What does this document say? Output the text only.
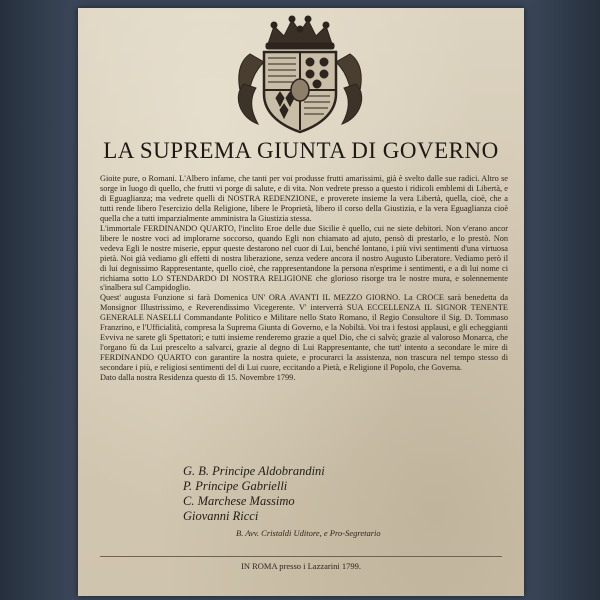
LA SUPREMA GIUNTA DI GOVERNO

Gioite pure, o Romani. L'Albero infame, che tanti per voi produsse frutti amarissimi, già è svelto dalle sue radici. Altro se sorge in luogo di quello, che frutti vi porge di salute, e di vita. Non vedrete presso a questo i ridicoli emblemi di Libertà, e di Eguaglianza; ma vedrete quelli di NOSTRA REDENZIONE, e proverete insieme la vera Libertà, quella, cioè, che a tutti rende libero l'esercizio della Religione, libere le Proprietà, libero il corso della Giustizia, e la vera Eguaglianza cioè quella che a tutti imparzialmente amministra la Giustizia stessa.

L'immortale FERDINANDO QUARTO, l'inclito Eroe delle due Sicilie è quello, cui ne siete debitori. Non v'erano ancor libere le nostre voci ad implorarne soccorso, quando Egli non chiamato ad ajuto, pensò di prestarlo, e lo prestò. Non vedeva Egli le nostre miserie, eppur queste destarono nel cuor di Lui, benché lontano, i più vivi sentimenti d'una virtuosa pietà. Noi già vediamo gli effetti di nostra liberazione, senza vedere ancora il nostro Augusto Liberatore. Vediamo però il di lui degnissimo Rappresentante, quello cioè, che rappresentandone la persona n'esprime i sentimenti, e a di lui nome ci richiama sotto LO STENDARDO DI NOSTRA RELIGIONE che glorioso risorge tra le nostre mura, e solennemente s'inalbera sul Campidoglio.

Quest' augusta Funzione si farà Domenica UN' ORA AVANTI IL MEZZO GIORNO. La CROCE sarà benedetta da Monsignor Illustrissimo, e Reverendissimo Vicegerente. V' interverrà SUA ECCELLENZA IL SIGNOR TENENTE GENERALE NASELLI Commandante Politico e Militare nello Stato Romano, il Regio Consultore il Sig. D. Tommaso Franzrino, e l'Ufficialità, compresa la Suprema Giunta di Governo, e la Nobiltà. Voi tra i festosi applausi, e gli echeggianti Evviva ne sarete gli Spettatori; e tutti insieme renderemo grazie a quel Dio, che ci salvò; grazie al valoroso Monarca, che l'organo fù da Lui prescelto a salvarci, grazie al degno di Lui Rappresentante, che tutt' intento a secondare le mire di FERDINANDO QUARTO con garantire la nostra quiete, e procurarci la assistenza, non trascura nel tempo stesso di secondare i più, e religiosi sentimenti del di Lui cuore, eccitando a Pietà, e Religione il Popolo, che Governa.

Dato dalla nostra Residenza questo dì 15. Novembre 1799.

G. B. Principe Aldobrandini
P. Principe Gabrielli
C. Marchese Massimo
Giovanni Ricci
B. Avv. Cristaldi Uditore, e Pro-Segretario
IN ROMA presso i Lazzarini 1799.
